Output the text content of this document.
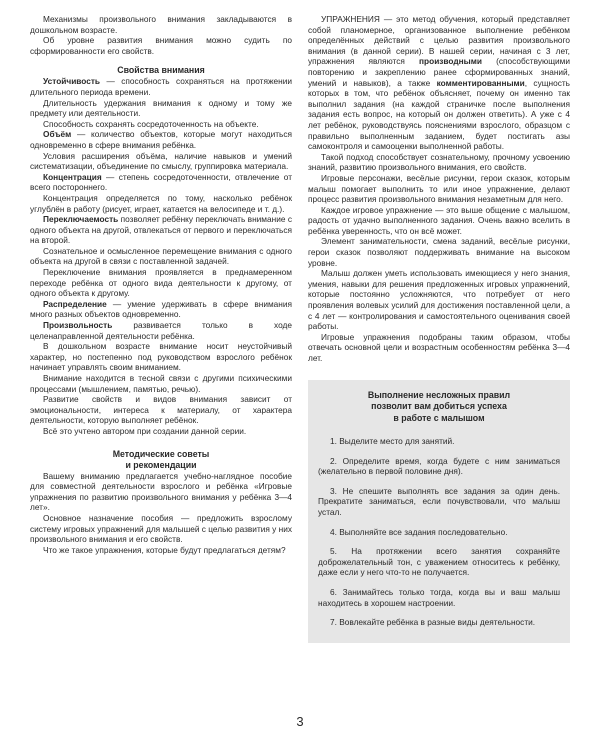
Механизмы произвольного внимания закладываются в дошкольном возрасте.

Об уровне развития внимания можно судить по сформированности его свойств.

Свойства внимания

Устойчивость — способность сохраняться на протяжении длительного периода времени.

Длительность удержания внимания к одному и тому же предмету или деятельности.

Способность сохранять сосредоточенность на объекте.

Объём — количество объектов, которые могут находиться одновременно в сфере внимания ребёнка.

Условия расширения объёма, наличие навыков и умений систематизации, объединение по смыслу, группировка материала.

Концентрация — степень сосредоточенности, отвлечение от всего постороннего.

Концентрация определяется по тому, насколько ребёнок углублён в работу (рисует, играет, катается на велосипеде и т. д.).

Переключаемость позволяет ребёнку переключать внимание с одного объекта на другой, отвлекаться от первого и переключаться на второй.

Сознательное и осмысленное перемещение внимания с одного объекта на другой в связи с поставленной задачей.

Переключение внимания проявляется в преднамеренном переходе ребёнка от одного вида деятельности к другому, от одного объекта к другому.

Распределение — умение удерживать в сфере внимания много разных объектов одновременно.

Произвольность развивается только в ходе целенаправленной деятельности ребёнка.

В дошкольном возрасте внимание носит неустойчивый характер, но постепенно под руководством взрослого ребёнок начинает управлять своим вниманием.

Внимание находится в тесной связи с другими психическими процессами (мышлением, памятью, речью).

Развитие свойств и видов внимания зависит от эмоциональности, интереса к материалу, от характера деятельности, которую выполняет ребёнок.

Всё это учтено автором при создании данной серии.

Методические советы
и рекомендации

Вашему вниманию предлагается учебно-наглядное пособие для совместной деятельности взрослого и ребёнка «Игровые упражнения по развитию произвольного внимания у ребёнка 3—4 лет».

Основное назначение пособия — предложить взрослому систему игровых упражнений для малышей с целью развития у них произвольного внимания и его свойств.

Что же такое упражнения, которые будут предлагаться детям?

УПРАЖНЕНИЯ — это метод обучения, который представляет собой планомерное, организованное выполнение ребёнком определённых действий с целью развития произвольного внимания (в данной серии). В нашей серии, начиная с 3 лет, упражнения являются производными (способствующими повторению и закреплению ранее сформированных знаний, умений и навыков), а также комментированными, сущность которых в том, что ребёнок объясняет, почему он именно так выполнил задания (на каждой страничке после выполнения задания есть вопрос, на который он должен ответить). А уже с 4 лет ребёнок, руководствуясь пояснениями взрослого, образцом с правильно выполненным заданием, будет постигать азы самоконтроля и самооценки выполненной работы.

Такой подход способствует сознательному, прочному усвоению знаний, развитию произвольного внимания, его свойств.

Игровые персонажи, весёлые рисунки, герои сказок, которым малыш помогает выполнить то или иное упражнение, делают процесс развития произвольного внимания незаметным для него.

Каждое игровое упражнение — это выше общение с малышом, радость от удачно выполненного задания. Очень важно вселить в ребёнка уверенность, что он всё может.

Элемент занимательности, смена заданий, весёлые рисунки, герои сказок позволяют поддерживать внимание на высоком уровне.

Малыш должен уметь использовать имеющиеся у него знания, умения, навыки для решения предложенных игровых упражнений, которые постоянно усложняются, что потребует от него проявления волевых усилий для достижения поставленной цели, а с 4 лет — контролирования и самостоятельного оценивания своей работы.

Игровые упражнения подобраны таким образом, чтобы отвечать основной цели и возрастным особенностям ребёнка 3—4 лет.

Выполнение несложных правил
позволит вам добиться успеха
в работе с малышом
1. Выделите место для занятий.
2. Определите время, когда будете с ним заниматься (желательно в первой половине дня).
3. Не спешите выполнять все задания за один день. Прекратите заниматься, если почувствовали, что малыш устал.
4. Выполняйте все задания последовательно.
5. На протяжении всего занятия сохраняйте доброжелательный тон, с уважением относитесь к ребёнку, даже если у него что-то не получается.
6. Занимайтесь только тогда, когда вы и ваш малыш находитесь в хорошем настроении.
7. Вовлекайте ребёнка в разные виды деятельности.
3
